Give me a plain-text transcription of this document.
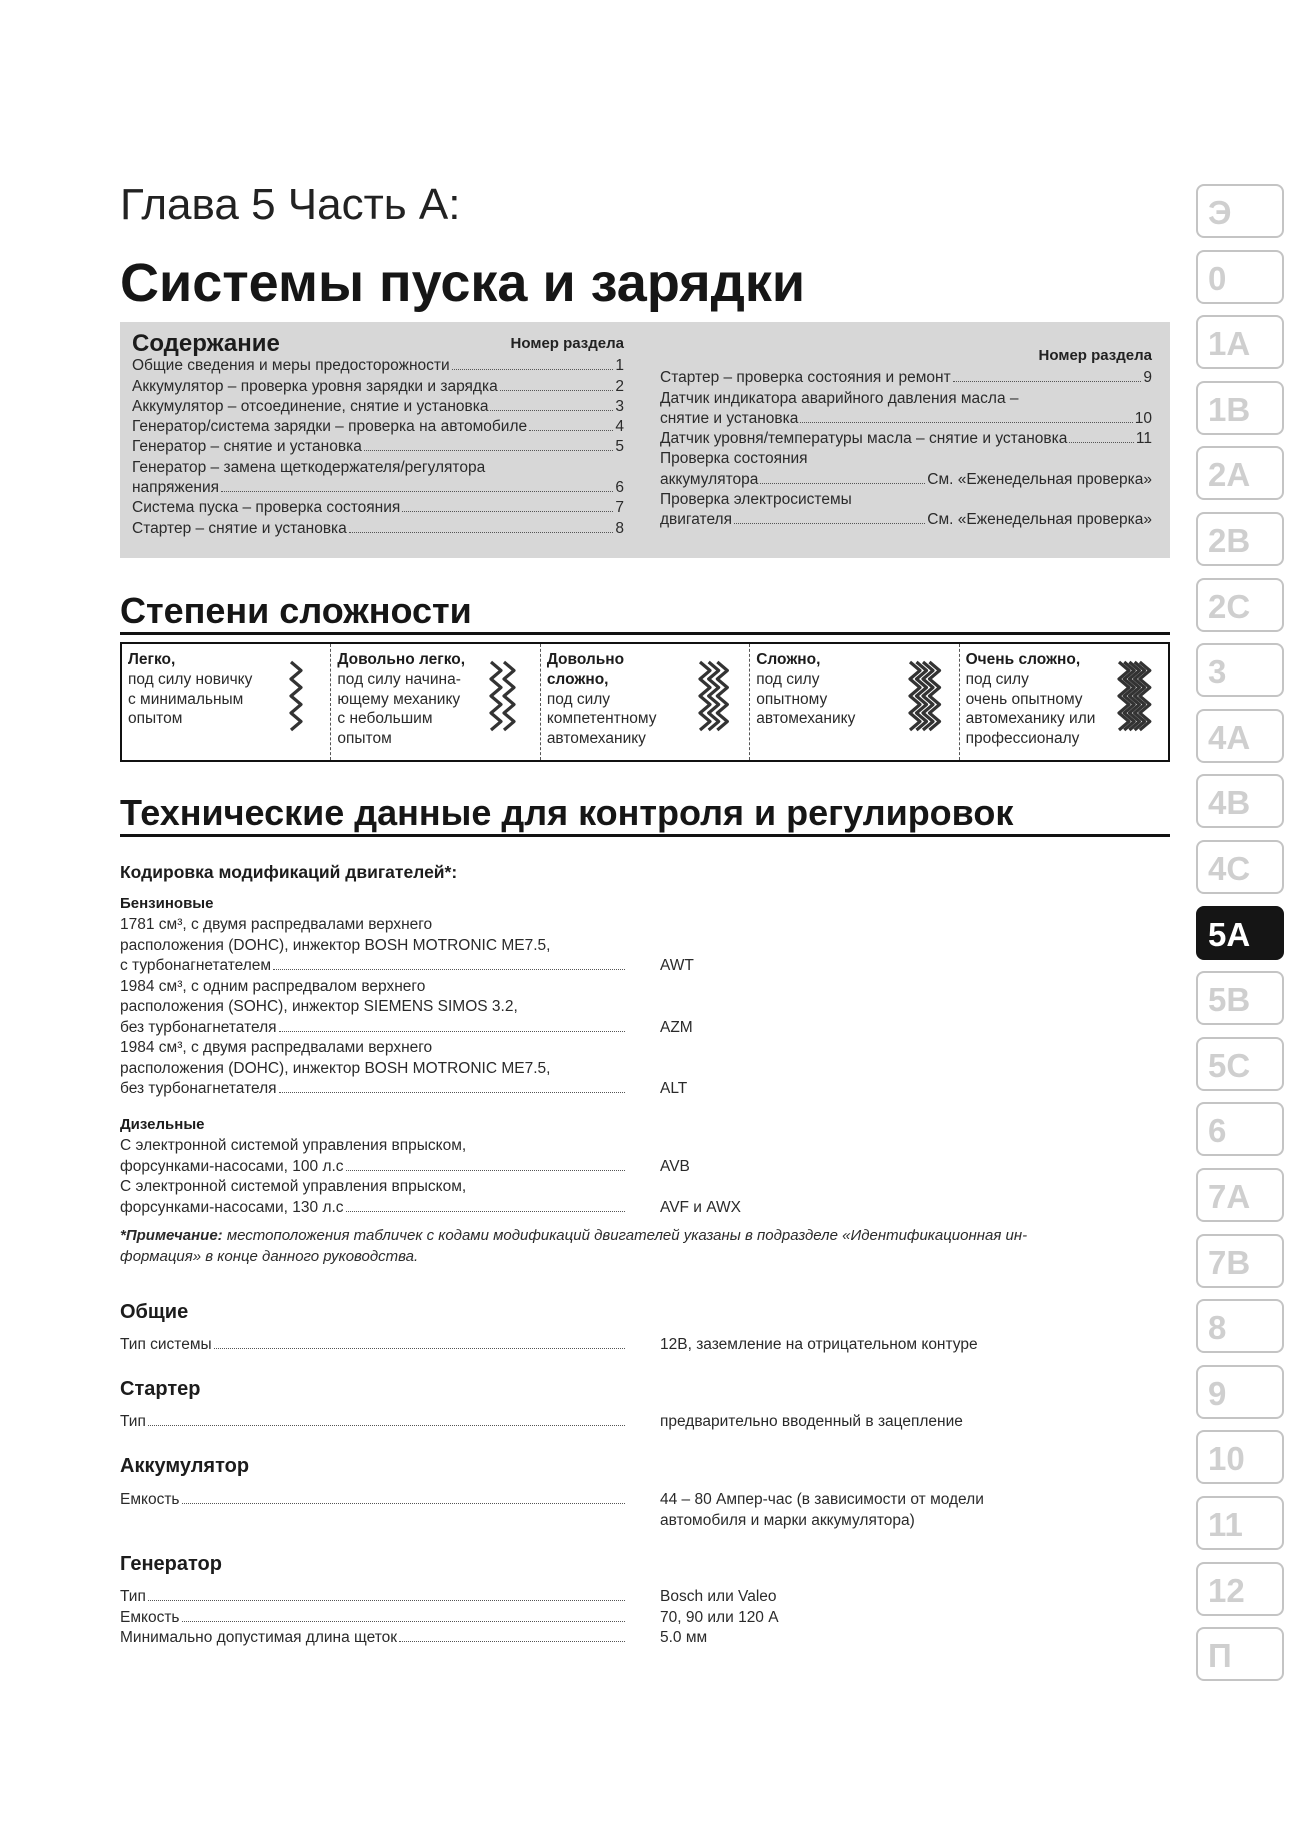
Глава 5 Часть А:
Системы пуска и зарядки
Содержание	Номер раздела
Общие сведения и меры предосторожности	1
Аккумулятор – проверка уровня зарядки и зарядка	2
Аккумулятор – отсоединение, снятие и установка	3
Генератор/система зарядки – проверка на автомобиле	4
Генератор – снятие и установка	5
Генератор – замена щеткодержателя/регулятора
напряжения	6
Система пуска – проверка состояния	7
Стартер – снятие и установка	8
Номер раздела
Стартер – проверка состояния и ремонт	9
Датчик индикатора аварийного давления масла –
снятие и установка	10
Датчик уровня/температуры масла – снятие и установка	11
Проверка состояния
аккумулятора	См. «Еженедельная проверка»
Проверка электросистемы
двигателя	См. «Еженедельная проверка»
Степени сложности
Легко,
под силу новичку
с минимальным
опытом
Довольно легко,
под силу начина-
ющему механику
с небольшим
опытом
Довольно
сложно,
под силу
компетентному
автомеханику
Сложно,
под силу
опытному
автомеханику
Очень сложно,
под силу
очень опытному
автомеханику или
профессионалу
Технические данные для контроля и регулировок
Кодировка модификаций двигателей*:
Бензиновые
1781 см³, с двумя распредвалами верхнего
расположения (DOHC), инжектор BOSH MOTRONIC ME7.5,
с турбонагнетателем	AWT
1984 см³, с одним распредвалом верхнего
расположения (SOHC), инжектор SIEMENS SIMOS 3.2,
без турбонагнетателя	AZM
1984 см³, с двумя распредвалами верхнего
расположения (DOHC), инжектор BOSH MOTRONIC ME7.5,
без турбонагнетателя	ALT
Дизельные
С электронной системой управления впрыском,
форсунками-насосами, 100 л.с	AVB
С электронной системой управления впрыском,
форсунками-насосами, 130 л.с	AVF и AWX
*Примечание: местоположения табличек с кодами модификаций двигателей указаны в подразделе «Идентификационная ин-
формация» в конце данного руководства.
Общие
Тип системы	12В, заземление на отрицательном контуре
Стартер
Тип	предварительно вводенный в зацепление
Аккумулятор
Емкость	44 – 80 Ампер-час (в зависимости от модели
автомобиля и марки аккумулятора)
Генератор
Тип	Bosch или Valeo
Емкость	70, 90 или 120 А
Минимально допустимая длина щеток	5.0 мм
Э
0
1A
1B
2A
2B
2C
3
4A
4B
4C
5A
5B
5C
6
7A
7B
8
9
10
11
12
П
